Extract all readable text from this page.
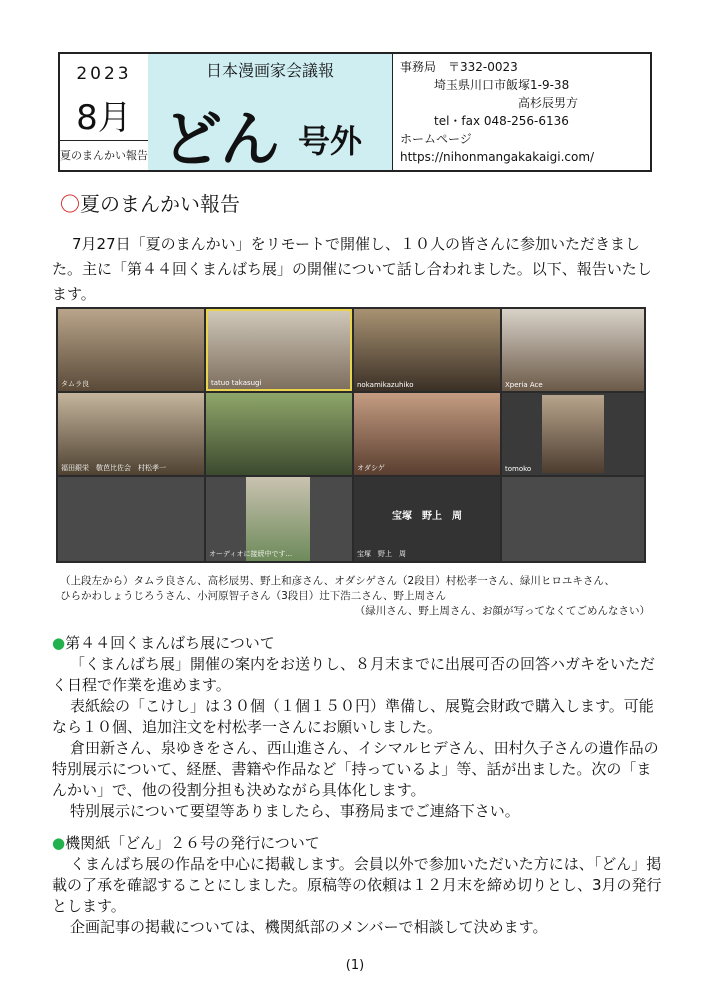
2023
8月
夏のまんかい報告
日本漫画家会議報
どん 号外
事務局　〒332-0023
埼玉県川口市飯塚1-9-38
高杉辰男方
tel・fax 048-256-6136
ホームページ
https://nihonmangakakaigi.com/
〇夏のまんかい報告
7月27日「夏のまんかい」をリモートで開催し、１０人の皆さんに参加いただきました。主に「第４４回くまんばち展」の開催について話し合われました。以下、報告いたします。
タムラ良	tatuo takasugi	nokamikazuhiko	Xperia Ace
福田銀栄　敬芭比佐会　村松孝一	オダシゲ	tomoko
オーディオに接続中です...
宝塚　野上　周
宝塚　野上　周
（上段左から）タムラ良さん、高杉辰男、野上和彦さん、オダシゲさん（2段目）村松孝一さん、緑川ヒロユキさん、
ひらかわしょうじろうさん、小河原智子さん（3段目）辻下浩二さん、野上周さん
（緑川さん、野上周さん、お顔が写ってなくてごめんなさい）
●第４４回くまんばち展について

「くまんばち展」開催の案内をお送りし、８月末までに出展可否の回答ハガキをいただく日程で作業を進めます。

表紙絵の「こけし」は３０個（１個１５０円）準備し、展覧会財政で購入します。可能なら１０個、追加注文を村松孝一さんにお願いしました。

倉田新さん、泉ゆきをさん、西山進さん、イシマルヒデさん、田村久子さんの遺作品の特別展示について、経歴、書籍や作品など「持っているよ」等、話が出ました。次の「まんかい」で、他の役割分担も決めながら具体化します。

特別展示について要望等ありましたら、事務局までご連絡下さい。

●機関紙「どん」２６号の発行について

くまんばち展の作品を中心に掲載します。会員以外で参加いただいた方には、「どん」掲載の了承を確認することにしました。原稿等の依頼は１２月末を締め切りとし、3月の発行とします。

企画記事の掲載については、機関紙部のメンバーで相談して決めます。

(1)
